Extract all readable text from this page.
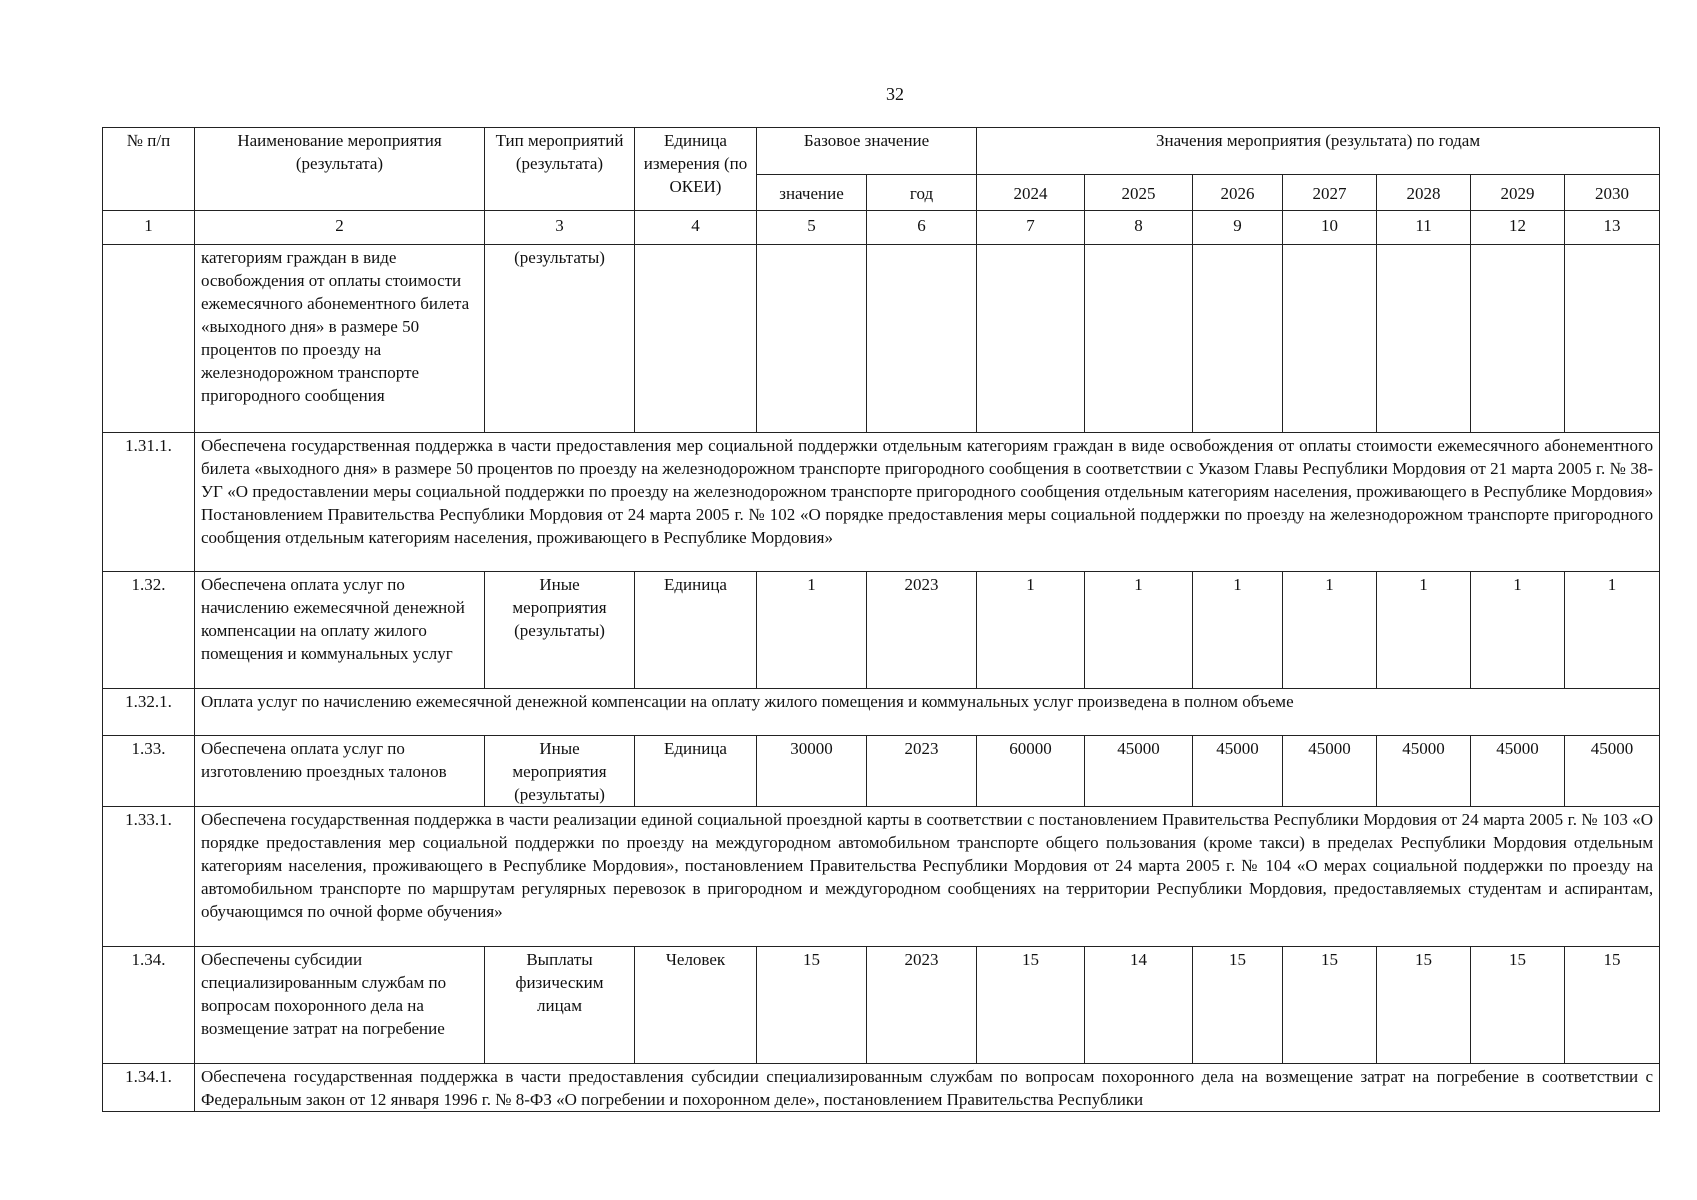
32
№ п/п	Наименование мероприятия (результата)	Тип мероприятий (результата)	Единица измерения (по ОКЕИ)	Базовое значение		Значения мероприятия (результата) по годам						
				значение	год	2024	2025	2026	2027	2028	2029	2030
1	2	3	4	5	6	7	8	9	10	11	12	13
	категориям граждан в виде освобождения от оплаты стоимости ежемесячного абонементного билета «выходного дня» в размере 50 процентов по проезду на железнодорожном транспорте пригородного сообщения	(результаты)										
1.31.1.	Обеспечена государственная поддержка в части предоставления мер социальной поддержки отдельным категориям граждан в виде освобождения от оплаты стоимости ежемесячного абонементного билета «выходного дня» в размере 50 процентов по проезду на железнодорожном транспорте пригородного сообщения в соответствии с Указом Главы Республики Мордовия от 21 марта 2005 г. № 38-УГ «О предоставлении меры социальной поддержки по проезду на железнодорожном транспорте пригородного сообщения отдельным категориям населения, проживающего в Республике Мордовия» Постановлением Правительства Республики Мордовия от 24 марта 2005 г. № 102 «О порядке предоставления меры социальной поддержки по проезду на железнодорожном транспорте пригородного сообщения отдельным категориям населения, проживающего в Республике Мордовия»											
1.32.	Обеспечена оплата услуг по начислению ежемесячной денежной компенсации на оплату жилого помещения и коммунальных услуг	Иные мероприятия (результаты)	Единица	1	2023	1	1	1	1	1	1	1
1.32.1.	Оплата услуг по начислению ежемесячной денежной компенсации на оплату жилого помещения и коммунальных услуг произведена в полном объеме											
1.33.	Обеспечена оплата услуг по изготовлению проездных талонов	Иные мероприятия (результаты)	Единица	30000	2023	60000	45000	45000	45000	45000	45000	45000
1.33.1.	Обеспечена государственная поддержка в части реализации единой социальной проездной карты в соответствии с постановлением Правительства Республики Мордовия от 24 марта 2005 г. № 103 «О порядке предоставления мер социальной поддержки по проезду на междугородном автомобильном транспорте общего пользования (кроме такси) в пределах Республики Мордовия отдельным категориям населения, проживающего в Республике Мордовия», постановлением Правительства Республики Мордовия от 24 марта 2005 г. № 104 «О мерах социальной поддержки по проезду на автомобильном транспорте по маршрутам регулярных перевозок в пригородном и междугородном сообщениях на территории Республики Мордовия, предоставляемых студентам и аспирантам, обучающимся по очной форме обучения»											
1.34.	Обеспечены субсидии специализированным службам по вопросам похоронного дела на возмещение затрат на погребение	Выплаты физическим лицам	Человек	15	2023	15	14	15	15	15	15	15
1.34.1.	Обеспечена государственная поддержка в части предоставления субсидии специализированным службам по вопросам похоронного дела на возмещение затрат на погребение в соответствии с Федеральным закон от 12 января 1996 г. № 8-ФЗ «О погребении и похоронном деле», постановлением Правительства Республики											
